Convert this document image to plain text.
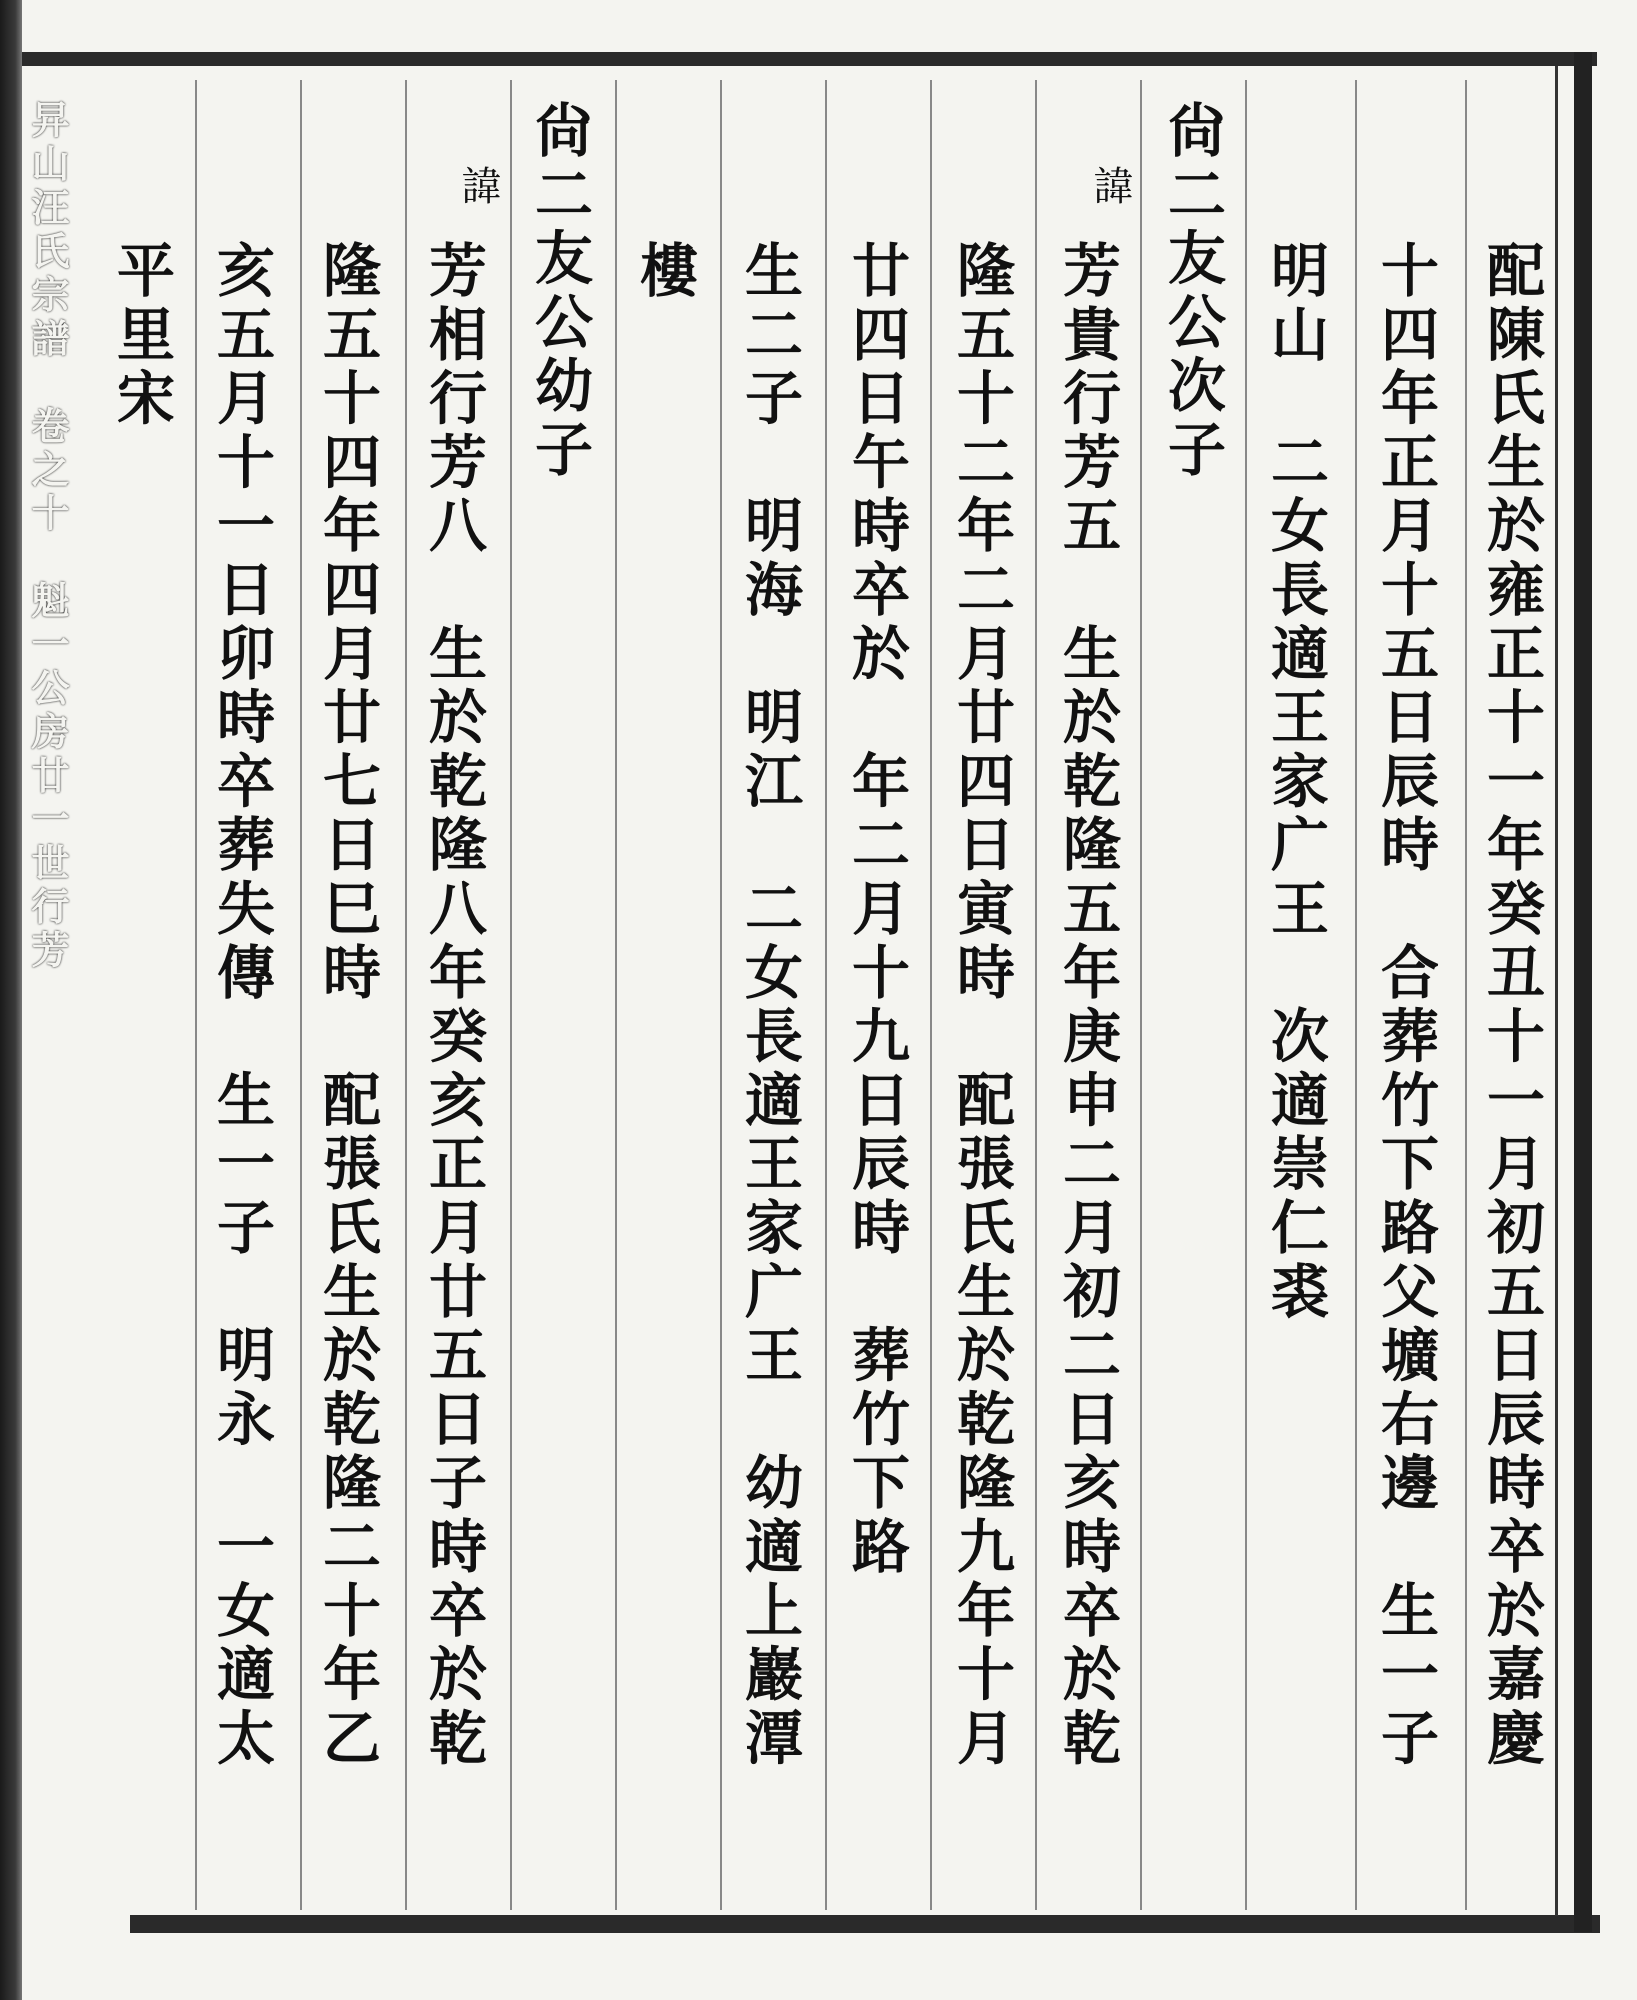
配陳氏生於雍正十一年癸丑十一月初五日辰時卒於嘉慶
十四年正月十五日辰時　合葬竹下路父壙右邊　生一子
明山　二女長適王家广王　次適崇仁裘
尙二友公次子
諱
芳貴行芳五　生於乾隆五年庚申二月初二日亥時卒於乾
隆五十二年二月廿四日寅時　配張氏生於乾隆九年十月
廿四日午時卒於　年二月十九日辰時　葬竹下路
生二子　明海　明江　二女長適王家广王　幼適上巖潭
樓
尙二友公幼子
諱
芳相行芳八　生於乾隆八年癸亥正月廿五日子時卒於乾
隆五十四年四月廿七日巳時　配張氏生於乾隆二十年乙
亥五月十一日卯時卒葬失傳　生一子　明永　一女適太
平里宋
㫒山汪氏宗譜　卷之十　魁一公房廿一世行芳
四
三
